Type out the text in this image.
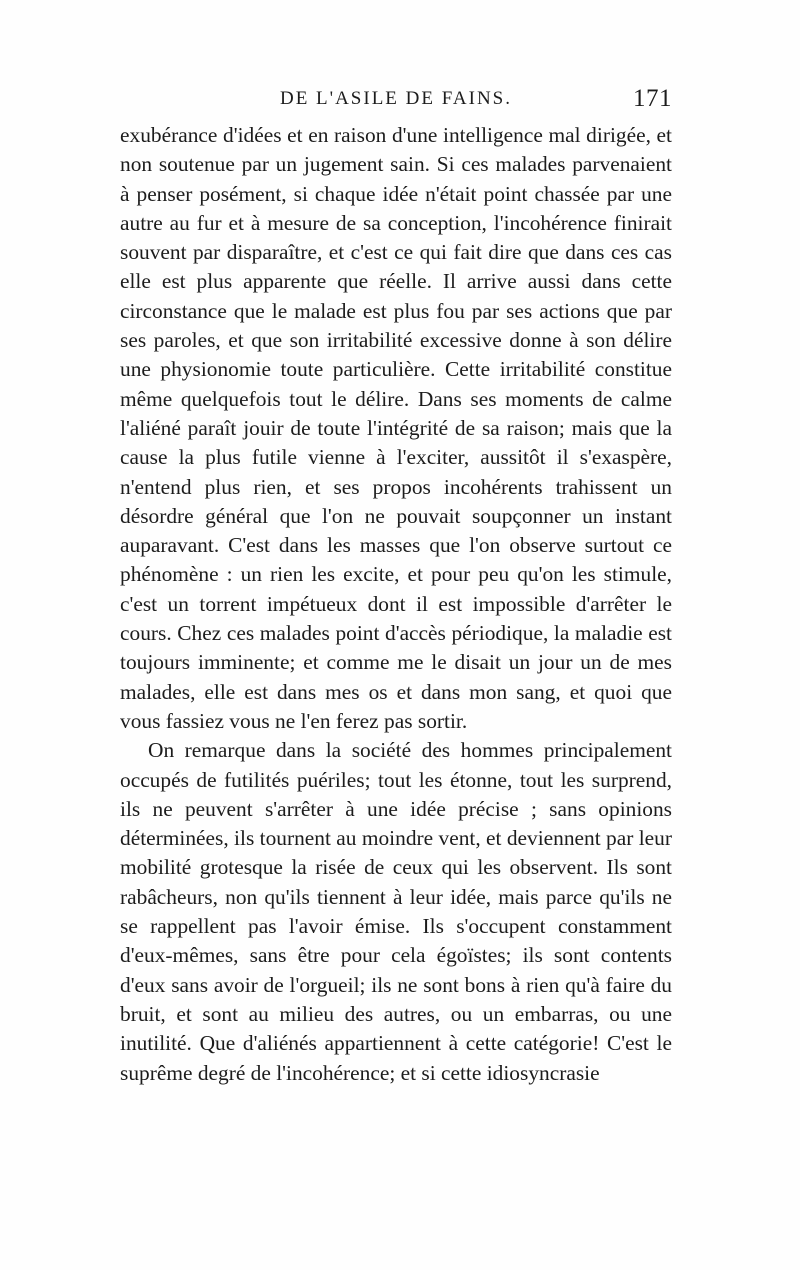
DE L'ASILE DE FAINS.	171

exubérance d'idées et en raison d'une intelligence mal dirigée, et non soutenue par un jugement sain. Si ces malades parvenaient à penser posément, si chaque idée n'était point chassée par une autre au fur et à mesure de sa conception, l'incohérence finirait souvent par disparaître, et c'est ce qui fait dire que dans ces cas elle est plus apparente que réelle. Il arrive aussi dans cette circonstance que le malade est plus fou par ses actions que par ses paroles, et que son irritabilité excessive donne à son délire une physionomie toute particulière. Cette irritabilité constitue même quelquefois tout le délire. Dans ses moments de calme l'aliéné paraît jouir de toute l'intégrité de sa raison; mais que la cause la plus futile vienne à l'exciter, aussitôt il s'exaspère, n'entend plus rien, et ses propos incohérents trahissent un désordre général que l'on ne pouvait soupçonner un instant auparavant. C'est dans les masses que l'on observe surtout ce phénomène : un rien les excite, et pour peu qu'on les stimule, c'est un torrent impétueux dont il est impossible d'arrêter le cours. Chez ces malades point d'accès périodique, la maladie est toujours imminente; et comme me le disait un jour un de mes malades, elle est dans mes os et dans mon sang, et quoi que vous fassiez vous ne l'en ferez pas sortir.

On remarque dans la société des hommes principalement occupés de futilités puériles; tout les étonne, tout les surprend, ils ne peuvent s'arrêter à une idée précise ; sans opinions déterminées, ils tournent au moindre vent, et deviennent par leur mobilité grotesque la risée de ceux qui les observent. Ils sont rabâcheurs, non qu'ils tiennent à leur idée, mais parce qu'ils ne se rappellent pas l'avoir émise. Ils s'occupent constamment d'eux-mêmes, sans être pour cela égoïstes; ils sont contents d'eux sans avoir de l'orgueil; ils ne sont bons à rien qu'à faire du bruit, et sont au milieu des autres, ou un embarras, ou une inutilité. Que d'aliénés appartiennent à cette catégorie! C'est le suprême degré de l'incohérence; et si cette idiosyncrasie
